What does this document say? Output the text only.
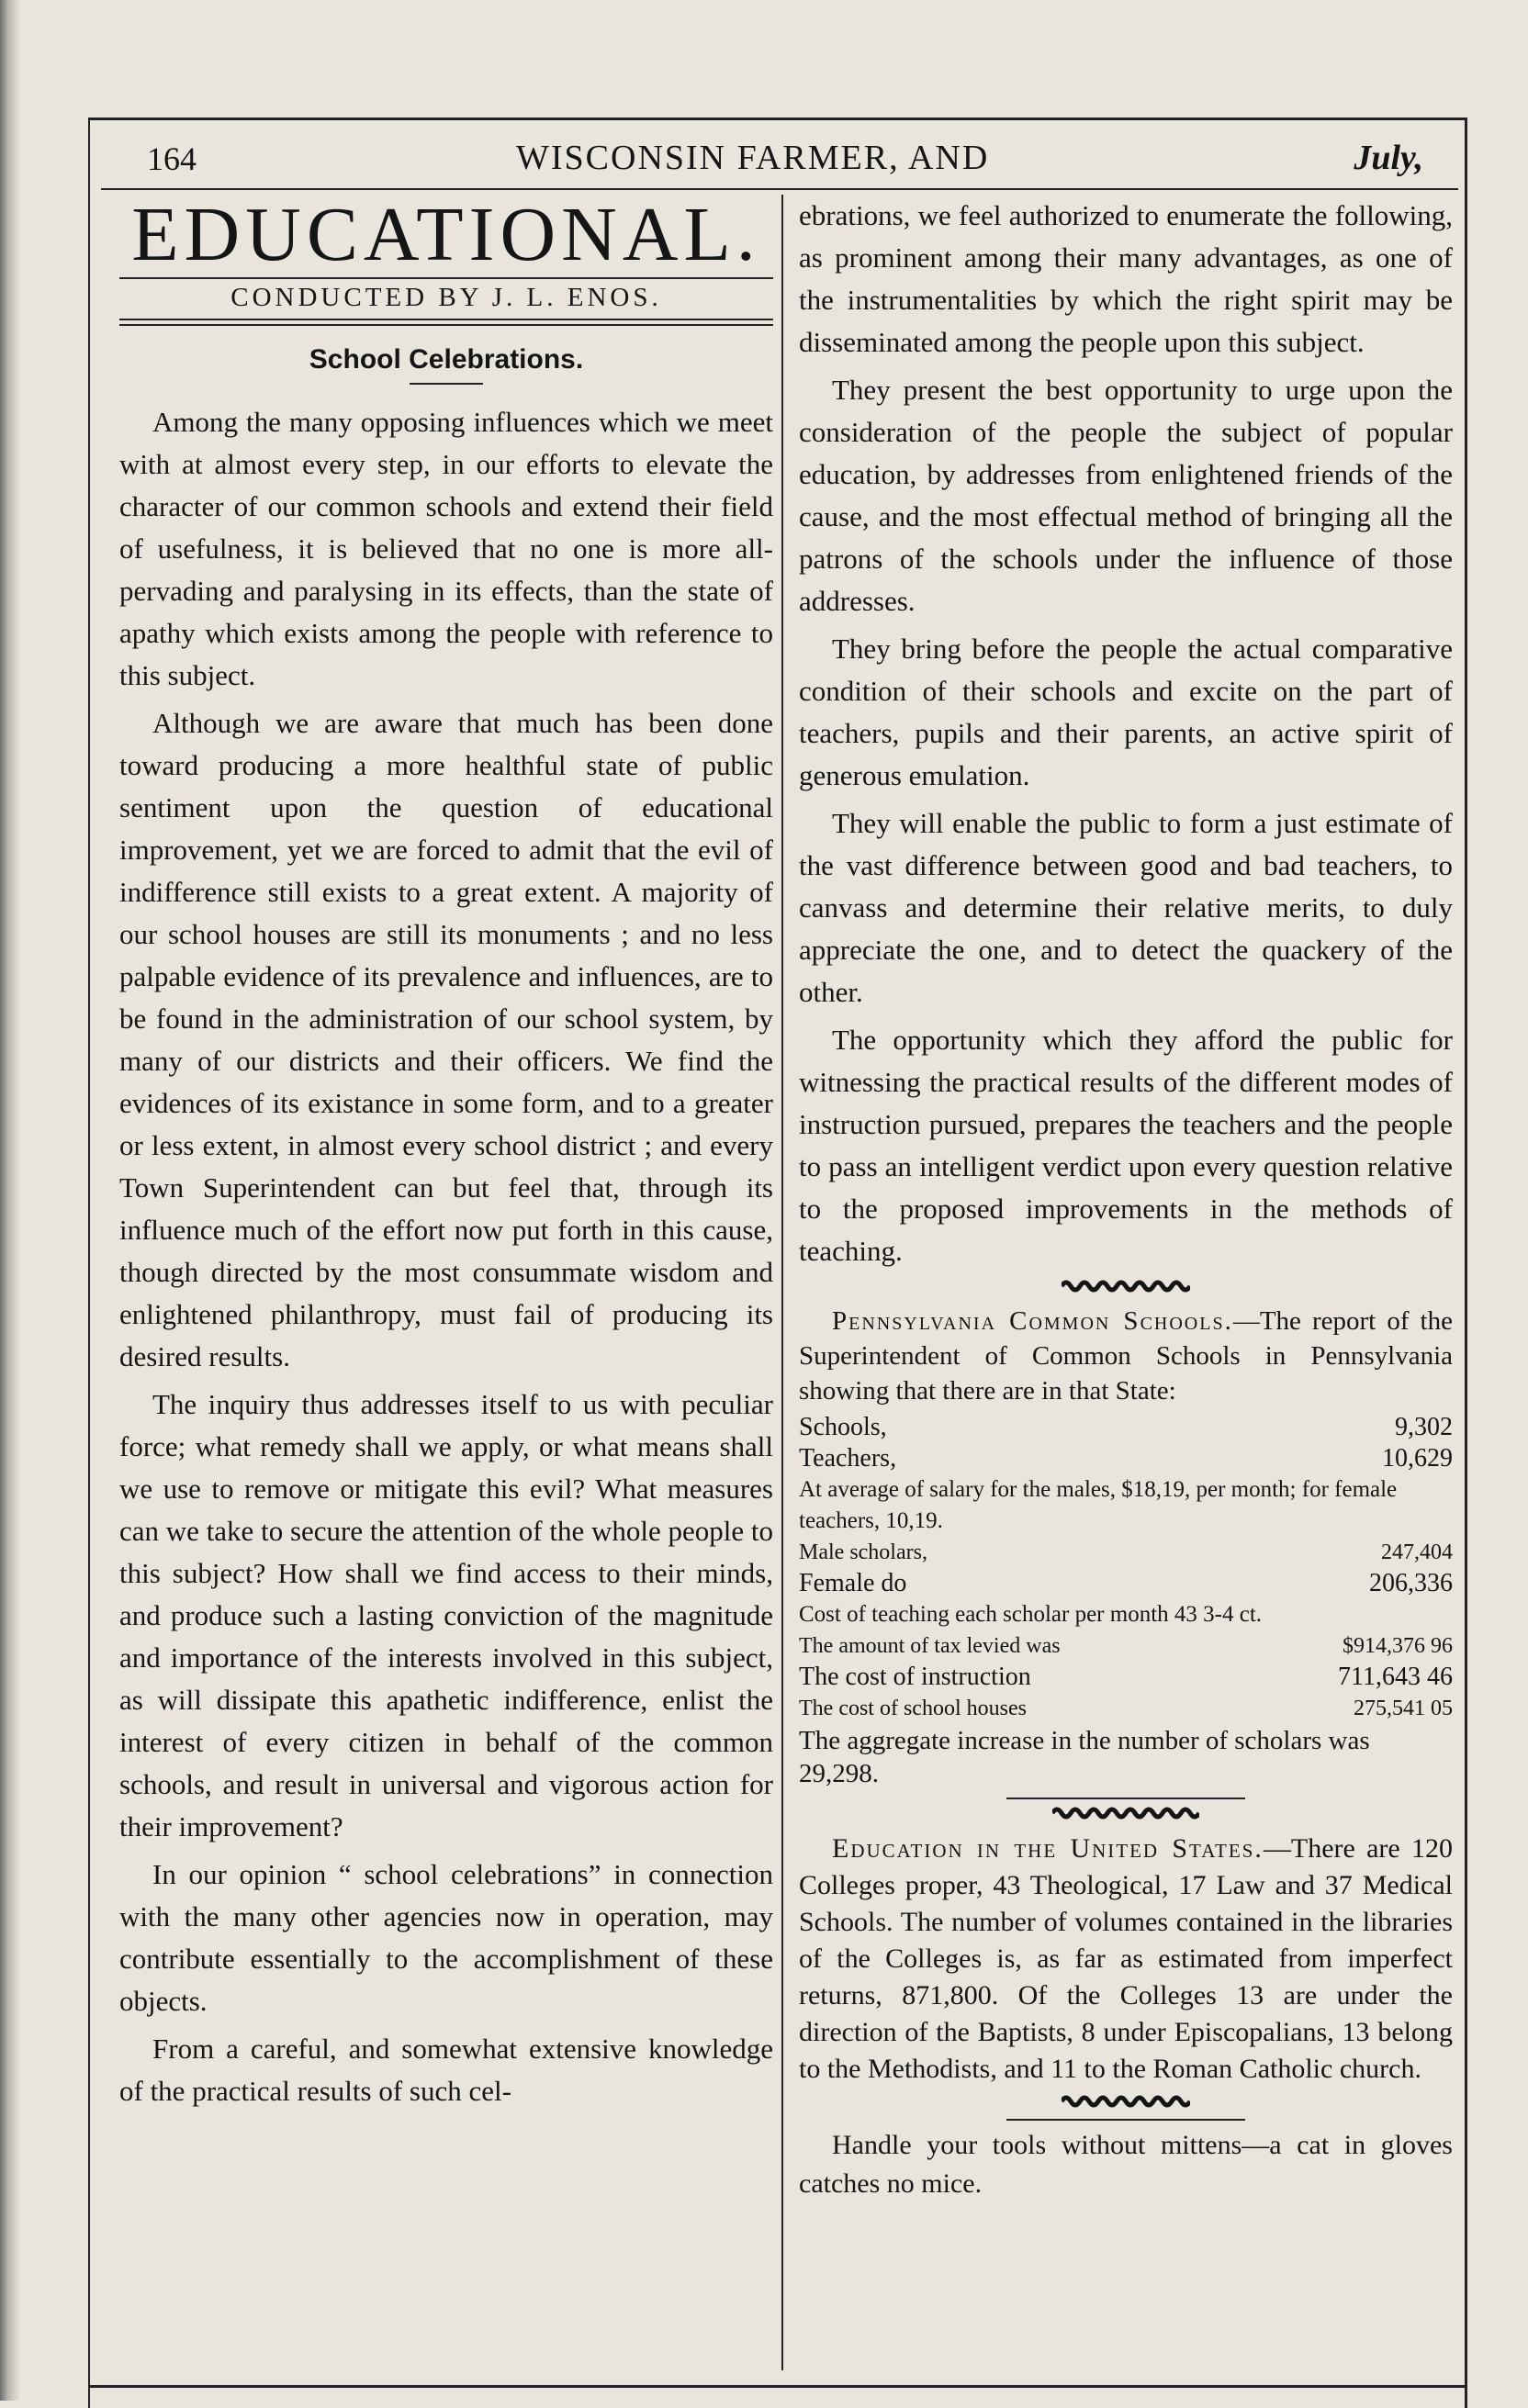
164	WISCONSIN FARMER, AND	July,
EDUCATIONAL.
CONDUCTED BY J. L. ENOS.
School Celebrations.

Among the many opposing influences which we meet with at almost every step, in our efforts to elevate the character of our common schools and extend their field of usefulness, it is believed that no one is more all-pervading and paralysing in its effects, than the state of apathy which exists among the people with reference to this subject.

Although we are aware that much has been done toward producing a more healthful state of public sentiment upon the question of educational improvement, yet we are forced to admit that the evil of indifference still exists to a great extent. A majority of our school houses are still its monuments ; and no less palpable evidence of its prevalence and influences, are to be found in the administration of our school system, by many of our districts and their officers. We find the evidences of its existance in some form, and to a greater or less extent, in almost every school district ; and every Town Superintendent can but feel that, through its influence much of the effort now put forth in this cause, though directed by the most consummate wisdom and enlightened philanthropy, must fail of producing its desired results.

The inquiry thus addresses itself to us with peculiar force; what remedy shall we apply, or what means shall we use to remove or mitigate this evil? What measures can we take to secure the attention of the whole people to this subject? How shall we find access to their minds, and produce such a lasting conviction of the magnitude and importance of the interests involved in this subject, as will dissipate this apathetic indifference, enlist the interest of every citizen in behalf of the common schools, and result in universal and vigorous action for their improvement?

In our opinion “ school celebrations” in connection with the many other agencies now in operation, may contribute essentially to the accomplishment of these objects.

From a careful, and somewhat extensive knowledge of the practical results of such cel-

ebrations, we feel authorized to enumerate the following, as prominent among their many advantages, as one of the instrumentalities by which the right spirit may be disseminated among the people upon this subject.

They present the best opportunity to urge upon the consideration of the people the subject of popular education, by addresses from enlightened friends of the cause, and the most effectual method of bringing all the patrons of the schools under the influence of those addresses.

They bring before the people the actual comparative condition of their schools and excite on the part of teachers, pupils and their parents, an active spirit of generous emulation.

They will enable the public to form a just estimate of the vast difference between good and bad teachers, to canvass and determine their relative merits, to duly appreciate the one, and to detect the quackery of the other.

The opportunity which they afford the public for witnessing the practical results of the different modes of instruction pursued, prepares the teachers and the people to pass an intelligent verdict upon every question relative to the proposed improvements in the methods of teaching.

Pennsylvania Common Schools.—The report of the Superintendent of Common Schools in Pennsylvania showing that there are in that State:

Schools,	9,302
Teachers,	10,629
At average of salary for the males, $18,19, per month; for female teachers, 10,19.
Male scholars,	247,404
Female do	206,336
Cost of teaching each scholar per month 43 3-4 ct.
The amount of tax levied was	$914,376 96
The cost of instruction	711,643 46
The cost of school houses	275,541 05
The aggregate increase in the number of scholars was 29,298.

Education in the United States.—There are 120 Colleges proper, 43 Theological, 17 Law and 37 Medical Schools. The number of volumes contained in the libraries of the Colleges is, as far as estimated from imperfect returns, 871,800. Of the Colleges 13 are under the direction of the Baptists, 8 under Episcopalians, 13 belong to the Methodists, and 11 to the Roman Catholic church.

Handle your tools without mittens—a cat in gloves catches no mice.
